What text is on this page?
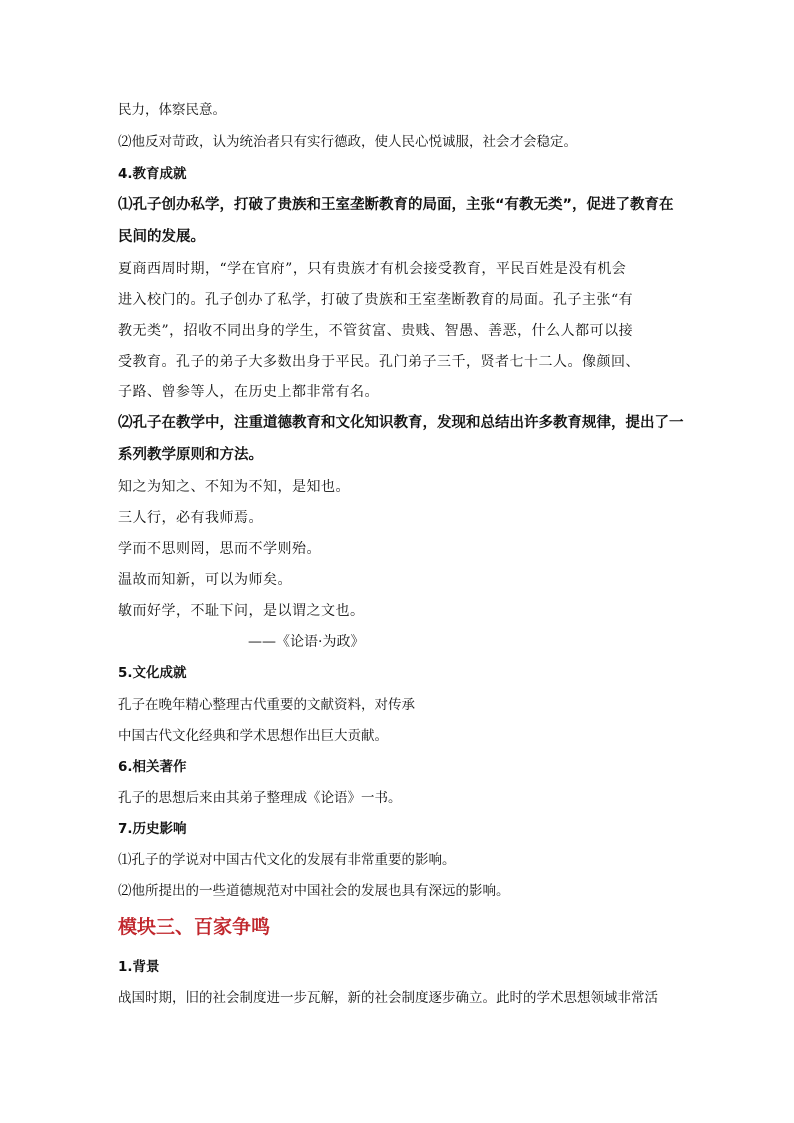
民力，体察民意。
⑵他反对苛政，认为统治者只有实行德政，使人民心悦诚服，社会才会稳定。
4.教育成就
⑴孔子创办私学，打破了贵族和王室垄断教育的局面，主张“有教无类”，促进了教育在
民间的发展。
夏商西周时期，“学在官府”，只有贵族才有机会接受教育，平民百姓是没有机会
进入校门的。孔子创办了私学，打破了贵族和王室垄断教育的局面。孔子主张“有
教无类”，招收不同出身的学生，不管贫富、贵贱、智愚、善恶，什么人都可以接
受教育。孔子的弟子大多数出身于平民。孔门弟子三千，贤者七十二人。像颜回、
子路、曾参等人，在历史上都非常有名。
⑵孔子在教学中，注重道德教育和文化知识教育，发现和总结出许多教育规律，提出了一
系列教学原则和方法。
知之为知之、不知为不知，是知也。
三人行，必有我师焉。
学而不思则罔，思而不学则殆。
温故而知新，可以为师矣。
敏而好学，不耻下问，是以谓之文也。
——《论语·为政》
5.文化成就
孔子在晚年精心整理古代重要的文献资料，对传承
中国古代文化经典和学术思想作出巨大贡献。
6.相关著作
孔子的思想后来由其弟子整理成《论语》一书。
7.历史影响
⑴孔子的学说对中国古代文化的发展有非常重要的影响。
⑵他所提出的一些道德规范对中国社会的发展也具有深远的影响。
模块三、百家争鸣
1.背景
战国时期，旧的社会制度进一步瓦解，新的社会制度逐步确立。此时的学术思想领域非常活
